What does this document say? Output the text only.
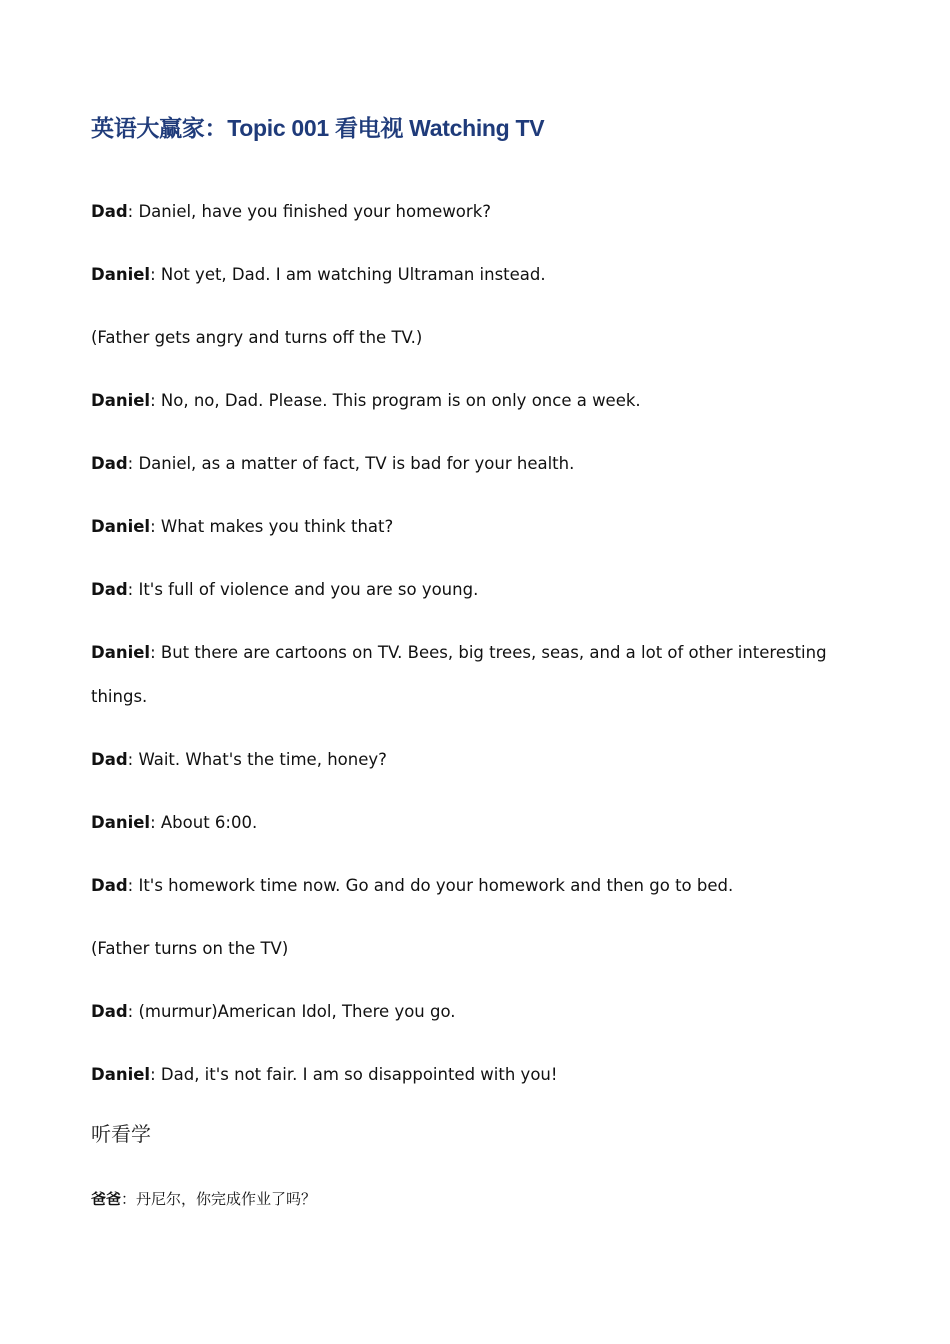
英语大赢家：Topic 001 看电视 Watching TV
Dad: Daniel, have you finished your homework?
Daniel: Not yet, Dad. I am watching Ultraman instead.
(Father gets angry and turns off the TV.)
Daniel: No, no, Dad. Please. This program is on only once a week.
Dad: Daniel, as a matter of fact, TV is bad for your health.
Daniel: What makes you think that?
Dad: It's full of violence and you are so young.
Daniel: But there are cartoons on TV. Bees, big trees, seas, and a lot of other interesting things.
Dad: Wait. What's the time, honey?
Daniel: About 6:00.
Dad: It's homework time now. Go and do your homework and then go to bed.
(Father turns on the TV)
Dad: (murmur)American Idol, There you go.
Daniel: Dad, it's not fair. I am so disappointed with you!
听看学

爸爸：丹尼尔，你完成作业了吗？
